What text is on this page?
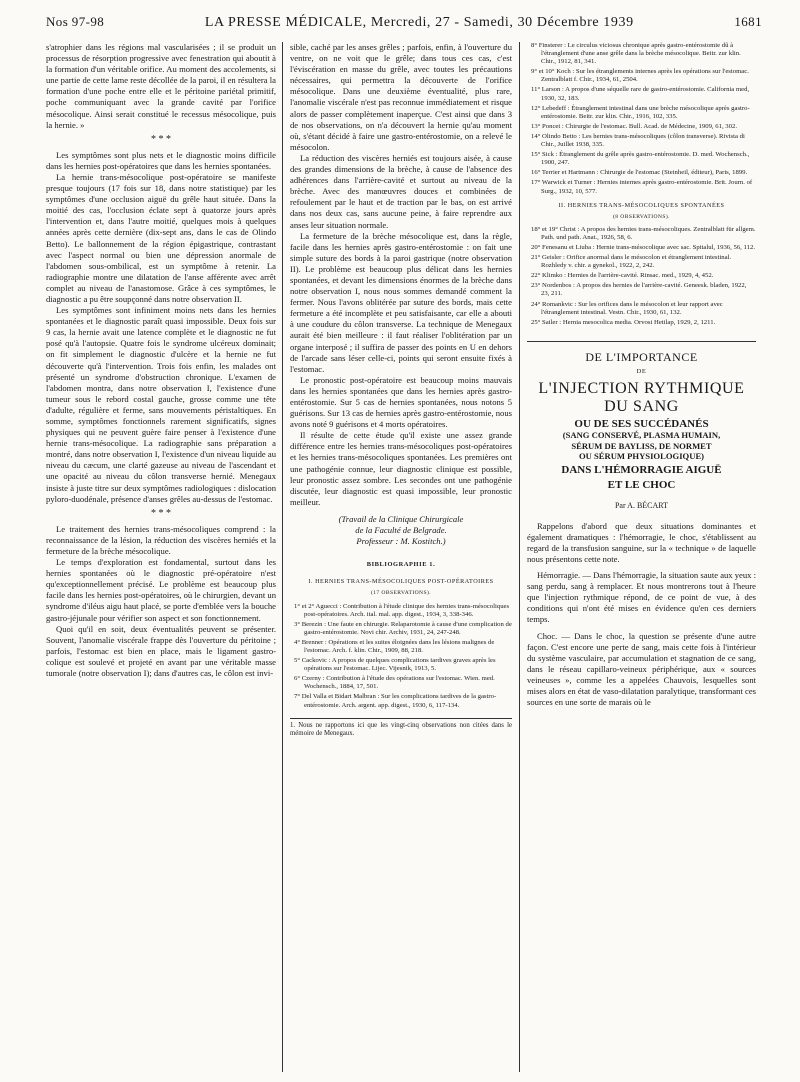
Nos 97-98	LA PRESSE MÉDICALE, Mercredi, 27 - Samedi, 30 Décembre 1939	1681

s'atrophier dans les régions mal vascularisées ; il se produit un processus de résorption progressive avec fenestration qui aboutit à la formation d'un véritable orifice. Au moment des accolements, si une partie de cette lame reste décollée de la paroi, il en résultera la formation d'une poche entre elle et le péritoine pariétal primitif, poche communiquant avec la grande cavité par l'orifice mésocolique. Ainsi serait constitué le recessus mésocolique, puis la hernie. »

* * *

Les symptômes sont plus nets et le diagnostic moins difficile dans les hernies post-opératoires que dans les hernies spontanées.

La hernie trans-mésocolique post-opératoire se manifeste presque toujours (17 fois sur 18, dans notre statistique) par les symptômes d'une occlusion aiguë du grêle haut située. Dans la moitié des cas, l'occlusion éclate sept à quatorze jours après l'intervention et, dans l'autre moitié, quelques mois à quelques années après cette dernière (dix-sept ans, dans le cas de Olindo Betto). Le ballonnement de la région épigastrique, contrastant avec l'aspect normal ou bien une dépression anormale de l'abdomen sous-ombilical, est un symptôme à retenir. La radiographie montre une dilatation de l'anse afférente avec arrêt complet au niveau de l'anastomose. Grâce à ces symptômes, le diagnostic a pu être soupçonné dans notre observation II.

Les symptômes sont infiniment moins nets dans les hernies spontanées et le diagnostic paraît quasi impossible. Deux fois sur 9 cas, la hernie avait une latence complète et le diagnostic ne fut posé qu'à l'autopsie. Quatre fois le syndrome ulcéreux dominait; on fit simplement le diagnostic d'ulcère et la hernie ne fut découverte qu'à l'intervention. Trois fois enfin, les malades ont présenté un syndrome d'obstruction chronique. L'examen de l'abdomen montra, dans notre observation I, l'existence d'une tumeur sous le rebord costal gauche, grosse comme une tête d'adulte, régulière et ferme, sans mouvements péristaltiques. En somme, symptômes fonctionnels rarement significatifs, signes physiques qui ne peuvent guère faire penser à l'existence d'une hernie trans-mésocolique. La radiographie sans préparation a montré, dans notre observation I, l'existence d'un niveau liquide au niveau du cæcum, une clarté gazeuse au niveau de l'ascendant et une opacité au niveau du côlon transverse hernié. Menegaux insiste à juste titre sur deux symptômes radiologiques : dislocation pyloro-duodénale, présence d'anses grêles au-dessus de l'estomac.

* * *

Le traitement des hernies trans-mésocoliques comprend : la reconnaissance de la lésion, la réduction des viscères herniés et la fermeture de la brèche mésocolique.

Le temps d'exploration est fondamental, surtout dans les hernies spontanées où le diagnostic pré-opératoire n'est qu'exceptionnellement précisé. Le problème est beaucoup plus facile dans les hernies post-opératoires, où le chirurgien, devant un syndrome d'iléus aigu haut placé, se porte d'emblée vers la bouche gastro-jéjunale pour vérifier son aspect et son fonctionnement.

Quoi qu'il en soit, deux éventualités peuvent se présenter. Souvent, l'anomalie viscérale frappe dès l'ouverture du péritoine ; parfois, l'estomac est bien en place, mais le ligament gastro-colique est soulevé et projeté en avant par une véritable masse tumorale (notre observation I); dans d'autres cas, le côlon est invi-

sible, caché par les anses grêles ; parfois, enfin, à l'ouverture du ventre, on ne voit que le grêle; dans tous ces cas, c'est l'éviscération en masse du grêle, avec toutes les précautions nécessaires, qui permettra la découverte de l'orifice mésocolique. Dans une deuxième éventualité, plus rare, l'anomalie viscérale n'est pas reconnue immédiatement et risque alors de passer complètement inaperçue. C'est ainsi que dans 3 de nos observations, on n'a découvert la hernie qu'au moment où, s'étant décidé à faire une gastro-entérostomie, on a relevé le mésocolon.

La réduction des viscères herniés est toujours aisée, à cause des grandes dimensions de la brèche, à cause de l'absence des adhérences dans l'arrière-cavité et surtout au niveau de la brèche. Avec des manœuvres douces et combinées de refoulement par le haut et de traction par le bas, on est arrivé dans nos deux cas, sans aucune peine, à faire reprendre aux anses leur situation normale.

La fermeture de la brèche mésocolique est, dans la règle, facile dans les hernies après gastro-entérostomie : on fait une simple suture des bords à la paroi gastrique (notre observation II). Le problème est beaucoup plus délicat dans les hernies spontanées, et devant les dimensions énormes de la brèche dans notre observation I, nous nous sommes demandé comment la fermer. Nous l'avons oblitérée par suture des bords, mais cette fermeture a été incomplète et peu satisfaisante, car elle a abouti à une coudure du côlon transverse. La technique de Menegaux aurait été bien meilleure : il faut réaliser l'oblitération par un organe interposé ; il suffira de passer des points en U en dehors de l'arcade sans léser celle-ci, points qui seront ensuite fixés à l'estomac.

Le pronostic post-opératoire est beaucoup moins mauvais dans les hernies spontanées que dans les hernies après gastro-entérostomie. Sur 5 cas de hernies spontanées, nous notons 5 guérisons. Sur 13 cas de hernies après gastro-entérostomie, nous avons noté 9 guérisons et 4 morts opératoires.

Il résulte de cette étude qu'il existe une assez grande différence entre les hernies trans-mésocoliques post-opératoires et les hernies trans-mésocoliques spontanées. Les premières ont une pathogénie connue, leur diagnostic clinique est possible, leur pronostic assez sombre. Les secondes ont une pathogénie discutée, leur diagnostic est quasi impossible, leur pronostic meilleur.

(Travail de la Clinique Chirurgicale
de la Faculté de Belgrade.
Professeur : M. Kostitch.)
BIBLIOGRAPHIE 1.
I. HERNIES TRANS-MÉSOCOLIQUES POST-OPÉRATOIRES
(17 OBSERVATIONS).
1° et 2° Aguecci : Contribution à l'étude clinique des hernies trans-mésocoliques post-opératoires. Arch. ital. mal. app. digest., 1934, 3, 338-346.
3° Berezin : Une faute en chirurgie. Relaparotomie à cause d'une complication de gastro-entérostomie. Novi chir. Archiv, 1931, 24, 247-248.
4° Brenner : Opérations et les suites éloignées dans les lésions malignes de l'estomac. Arch. f. klin. Chir., 1909, 88, 218.
5° Cackovic : A propos de quelques complications tardives graves après les opérations sur l'estomac. Lijec. Vijesnik, 1913, 5.
6° Czerny : Contribution à l'étude des opérations sur l'estomac. Wien. med. Wochensch., 1884, 17, 501.
7° Del Valla et Bidart Malbran : Sur les complications tardives de la gastro-entérostomie. Arch. argent. app. digest., 1930, 6, 117-134.
1. Nous ne rapportons ici que les vingt-cinq observations non citées dans le mémoire de Menegaux.
8° Finsterer : Le circulus viciosus chronique après gastro-entérostomie dû à l'étranglement d'une anse grêle dans la brèche mésocolique. Beitr. zur klin. Chir., 1912, 81, 341.
9° et 10° Koch : Sur les étranglements internes après les opérations sur l'estomac. Zentralblatt f. Chir., 1934, 61, 2504.
11° Larson : A propos d'une séquelle rare de gastro-entérostomie. California med, 1930, 32, 183.
12° Lebedeff : Étranglement intestinal dans une brèche mésocolique après gastro-entérostomie. Beitr. zur klin. Chir., 1916, 102, 335.
13° Poncet : Chirurgie de l'estomac. Bull. Acad. de Médecine, 1909, 61, 302.
14° Olindo Betto : Les hernies trans-mésocoliques (côlon transverse). Rivista di Chir., Juillet 1938, 335.
15° Sick : Étranglement du grêle après gastro-entérostomie. D. med. Wochensch., 1900, 247.
16° Terrier et Hartmann : Chirurgie de l'estomac (Steinheil, éditeur), Paris, 1899.
17° Warwick et Turner : Hernies internes après gastro-entérostomie. Brit. Journ. of Surg., 1932, 10, 577.
II. HERNIES TRANS-MÉSOCOLIQUES SPONTANÉES
(8 OBSERVATIONS).
18° et 19° Christ : A propos des hernies trans-mésocoliques. Zentralblatt für allgem. Path. und path. Anat., 1926, 58, 6.
20° Fenesanu et Liuba : Hernie trans-mésocolique avec sac. Spitalul, 1936, 56, 112.
21° Geisler : Orifice anormal dans le mésocolon et étranglement intestinal. Rozhledy v. chir. a gynekol., 1922, 2, 242.
22° Klimko : Hernies de l'arrière-cavité. Rinsac. med., 1929, 4, 452.
23° Nordenbos : A propos des hernies de l'arrière-cavité. Geneesk. bladen, 1922, 23, 211.
24° Romankvic : Sur les orifices dans le mésocolon et leur rapport avec l'étranglement intestinal. Vestn. Chir., 1930, 61, 132.
25° Sailer : Hernia mesocolica media. Orvosi Hetilap, 1929, 2, 1211.
DE L'IMPORTANCE
DE
L'INJECTION RYTHMIQUE
DU SANG
OU DE SES SUCCÉDANÉS
(SANG CONSERVÉ, PLASMA HUMAIN,
SÉRUM DE BAYLISS, DE NORMET
OU SÉRUM PHYSIOLOGIQUE)
DANS L'HÉMORRAGIE AIGUË
ET LE CHOC
Par A. BÉCART

Rappelons d'abord que deux situations dominantes et également dramatiques : l'hémorragie, le choc, s'établissent au regard de la transfusion sanguine, sur la « technique » de laquelle nous présentons cette note.

Hémorragie. — Dans l'hémorragie, la situation saute aux yeux : sang perdu, sang à remplacer. Et nous montrerons tout à l'heure que l'injection rythmique répond, de ce point de vue, à des conditions qui n'ont été mises en évidence qu'en ces derniers temps.

Choc. — Dans le choc, la question se présente d'une autre façon. C'est encore une perte de sang, mais cette fois à l'intérieur du système vasculaire, par accumulation et stagnation de ce sang, dans le réseau capillaro-veineux périphérique, aux « sources veineuses », comme les a appelées Chauvois, lesquelles sont mises alors en état de vaso-dilatation paralytique, transformant ces sources en une sorte de marais où le
